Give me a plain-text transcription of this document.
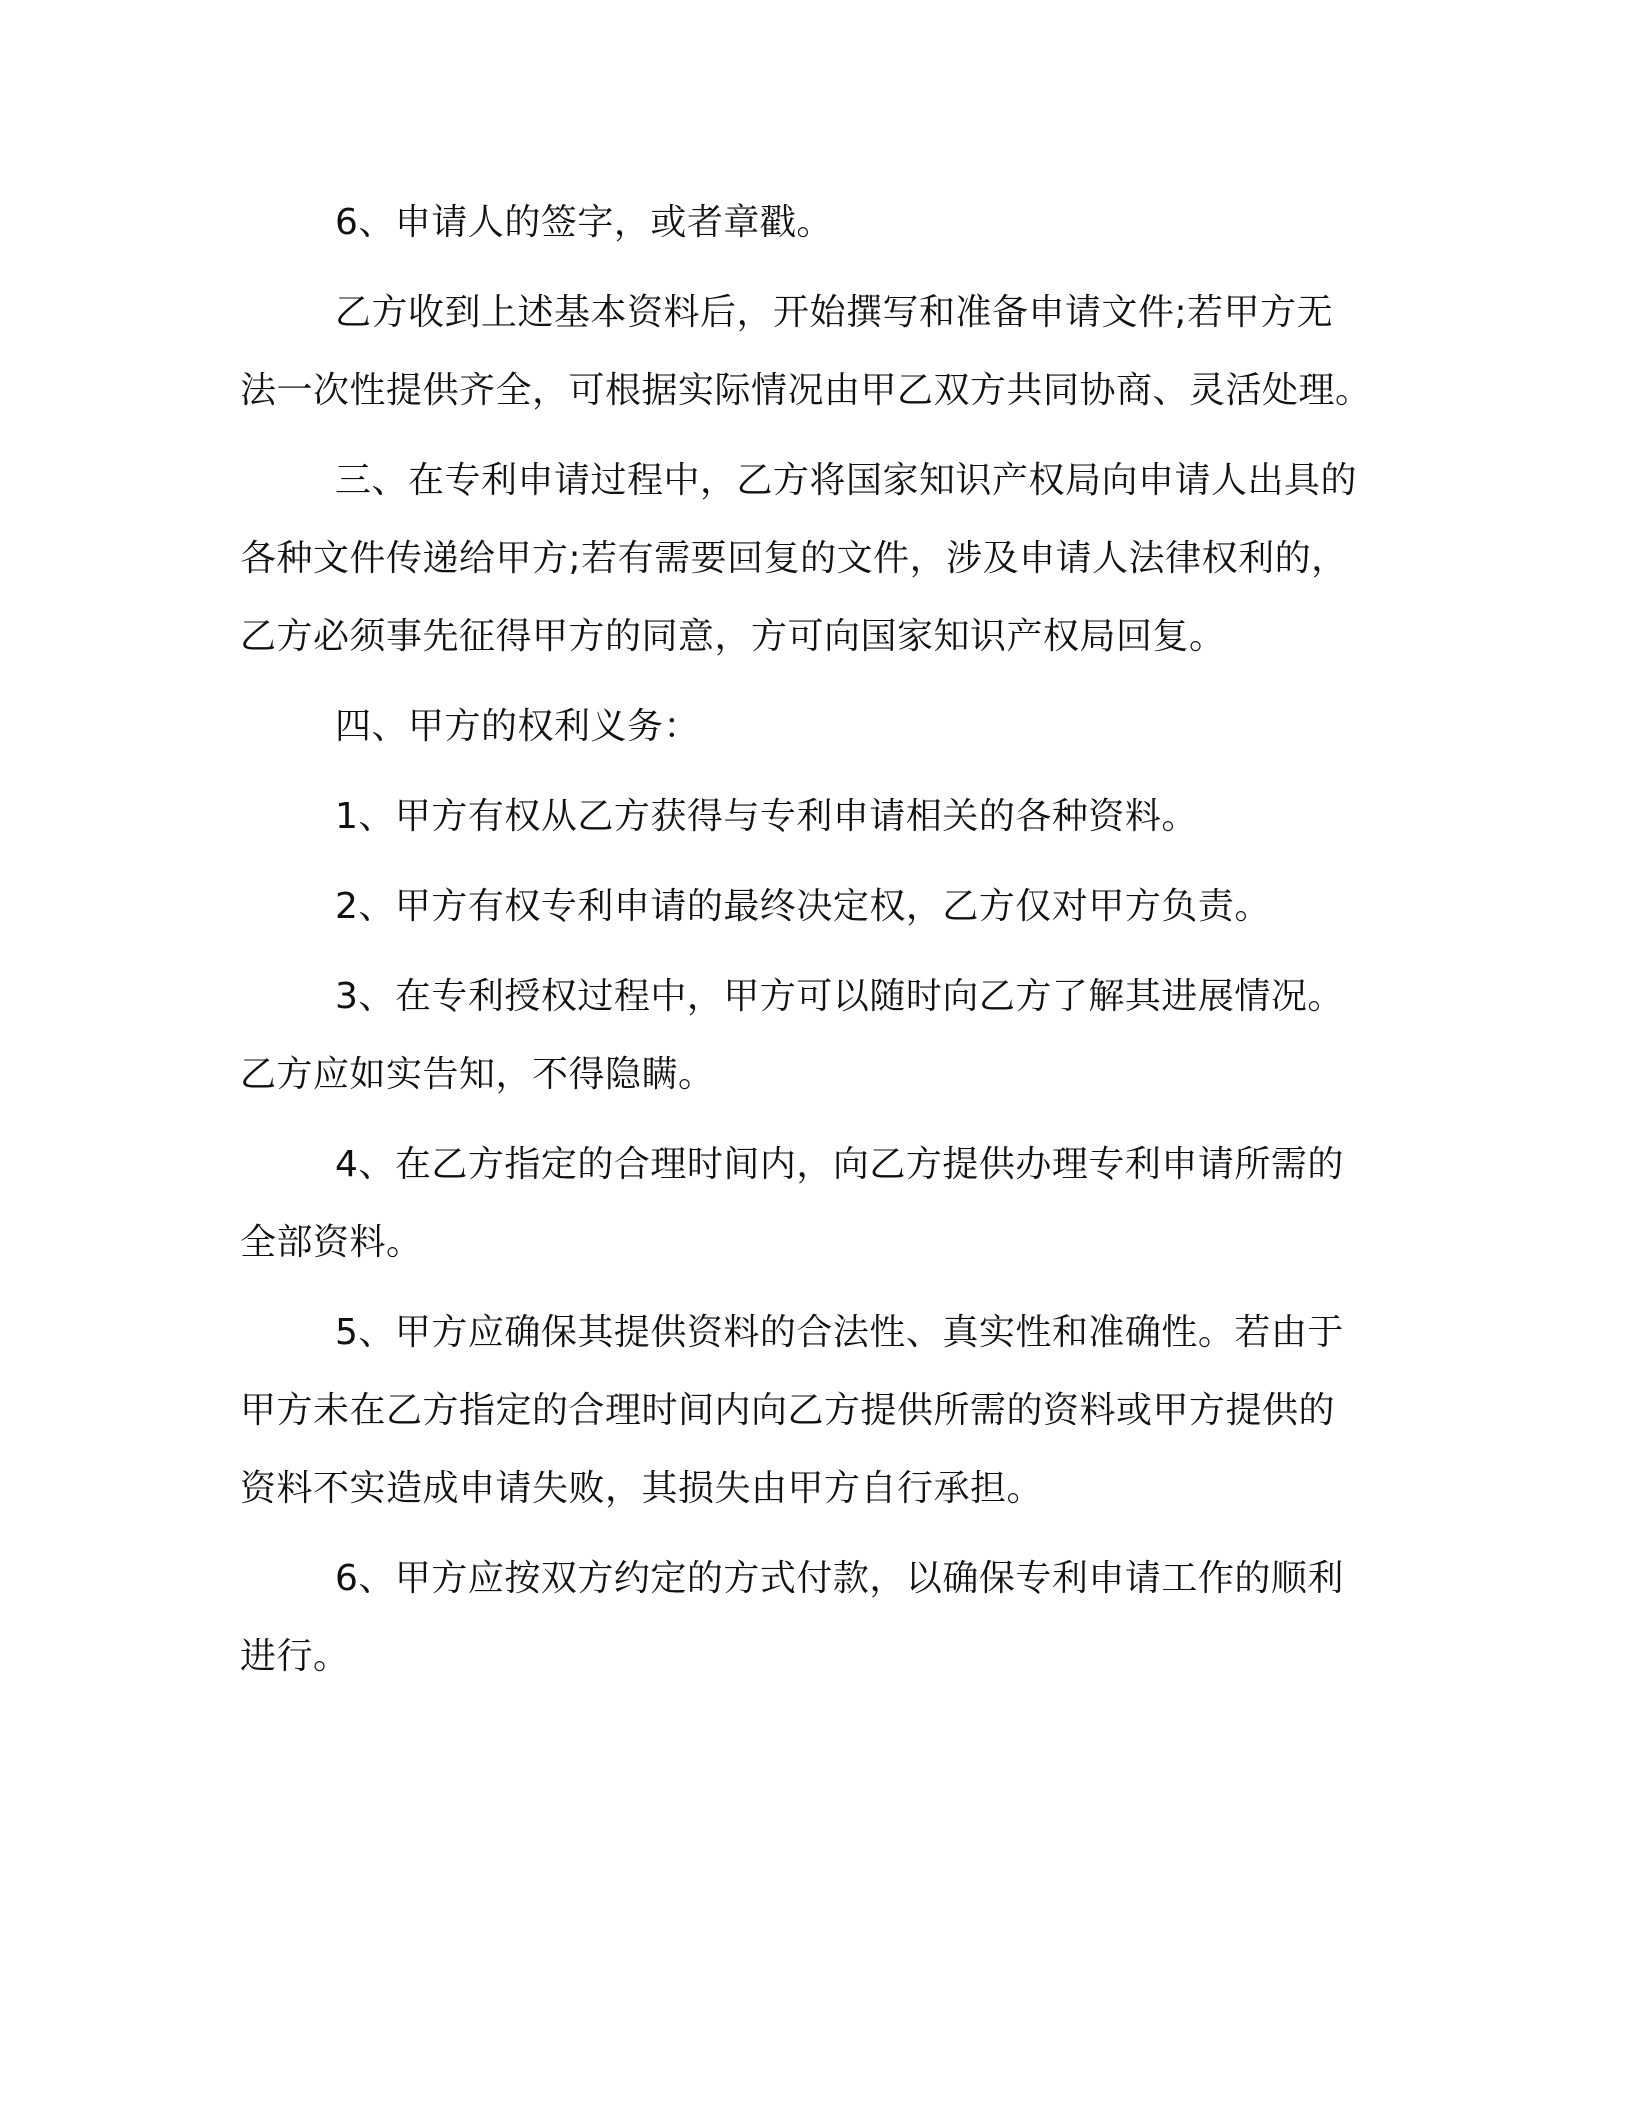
6、申请人的签字，或者章戳。

乙方收到上述基本资料后，开始撰写和准备申请文件;若甲方无
法一次性提供齐全，可根据实际情况由甲乙双方共同协商、灵活处理。

三、在专利申请过程中，乙方将国家知识产权局向申请人出具的
各种文件传递给甲方;若有需要回复的文件，涉及申请人法律权利的，
乙方必须事先征得甲方的同意，方可向国家知识产权局回复。

四、甲方的权利义务：

1、甲方有权从乙方获得与专利申请相关的各种资料。

2、甲方有权专利申请的最终决定权，乙方仅对甲方负责。

3、在专利授权过程中，甲方可以随时向乙方了解其进展情况。
乙方应如实告知，不得隐瞒。

4、在乙方指定的合理时间内，向乙方提供办理专利申请所需的
全部资料。

5、甲方应确保其提供资料的合法性、真实性和准确性。若由于
甲方未在乙方指定的合理时间内向乙方提供所需的资料或甲方提供的
资料不实造成申请失败，其损失由甲方自行承担。

6、甲方应按双方约定的方式付款，以确保专利申请工作的顺利
进行。
